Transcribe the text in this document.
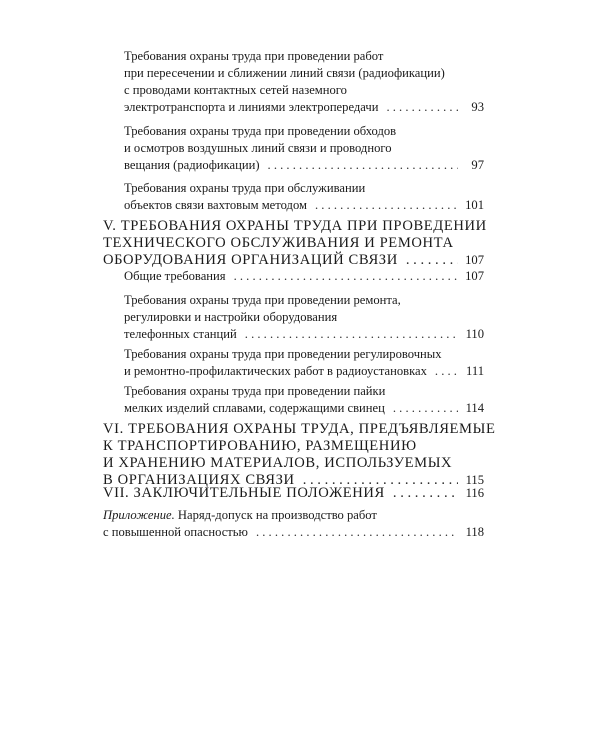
Требования охраны труда при проведении работ
при пересечении и сближении линий связи (радиофикации)
с проводами контактных сетей наземного
электротранспорта и линиями электропередачи . . .	93
Требования охраны труда при проведении обходов
и осмотров воздушных линий связи и проводного
вещания (радиофикации) . . .	97
Требования охраны труда при обслуживании
объектов связи вахтовым методом . . .	101
V. ТРЕБОВАНИЯ ОХРАНЫ ТРУДА ПРИ ПРОВЕДЕНИИ
ТЕХНИЧЕСКОГО ОБСЛУЖИВАНИЯ И РЕМОНТА
ОБОРУДОВАНИЯ ОРГАНИЗАЦИЙ СВЯЗИ . . .	107
Общие требования . . .	107
Требования охраны труда при проведении ремонта,
регулировки и настройки оборудования
телефонных станций . . .	110
Требования охраны труда при проведении регулировочных
и ремонтно-профилактических работ в радиоустановках . . .	111
Требования охраны труда при проведении пайки
мелких изделий сплавами, содержащими свинец . . .	114
VI. ТРЕБОВАНИЯ ОХРАНЫ ТРУДА, ПРЕДЪЯВЛЯЕМЫЕ
К ТРАНСПОРТИРОВАНИЮ, РАЗМЕЩЕНИЮ
И ХРАНЕНИЮ МАТЕРИАЛОВ, ИСПОЛЬЗУЕМЫХ
В ОРГАНИЗАЦИЯХ СВЯЗИ . . .	115
VII. ЗАКЛЮЧИТЕЛЬНЫЕ ПОЛОЖЕНИЯ . . .	116
Приложение. Наряд-допуск на производство работ
с повышенной опасностью . . .	118
